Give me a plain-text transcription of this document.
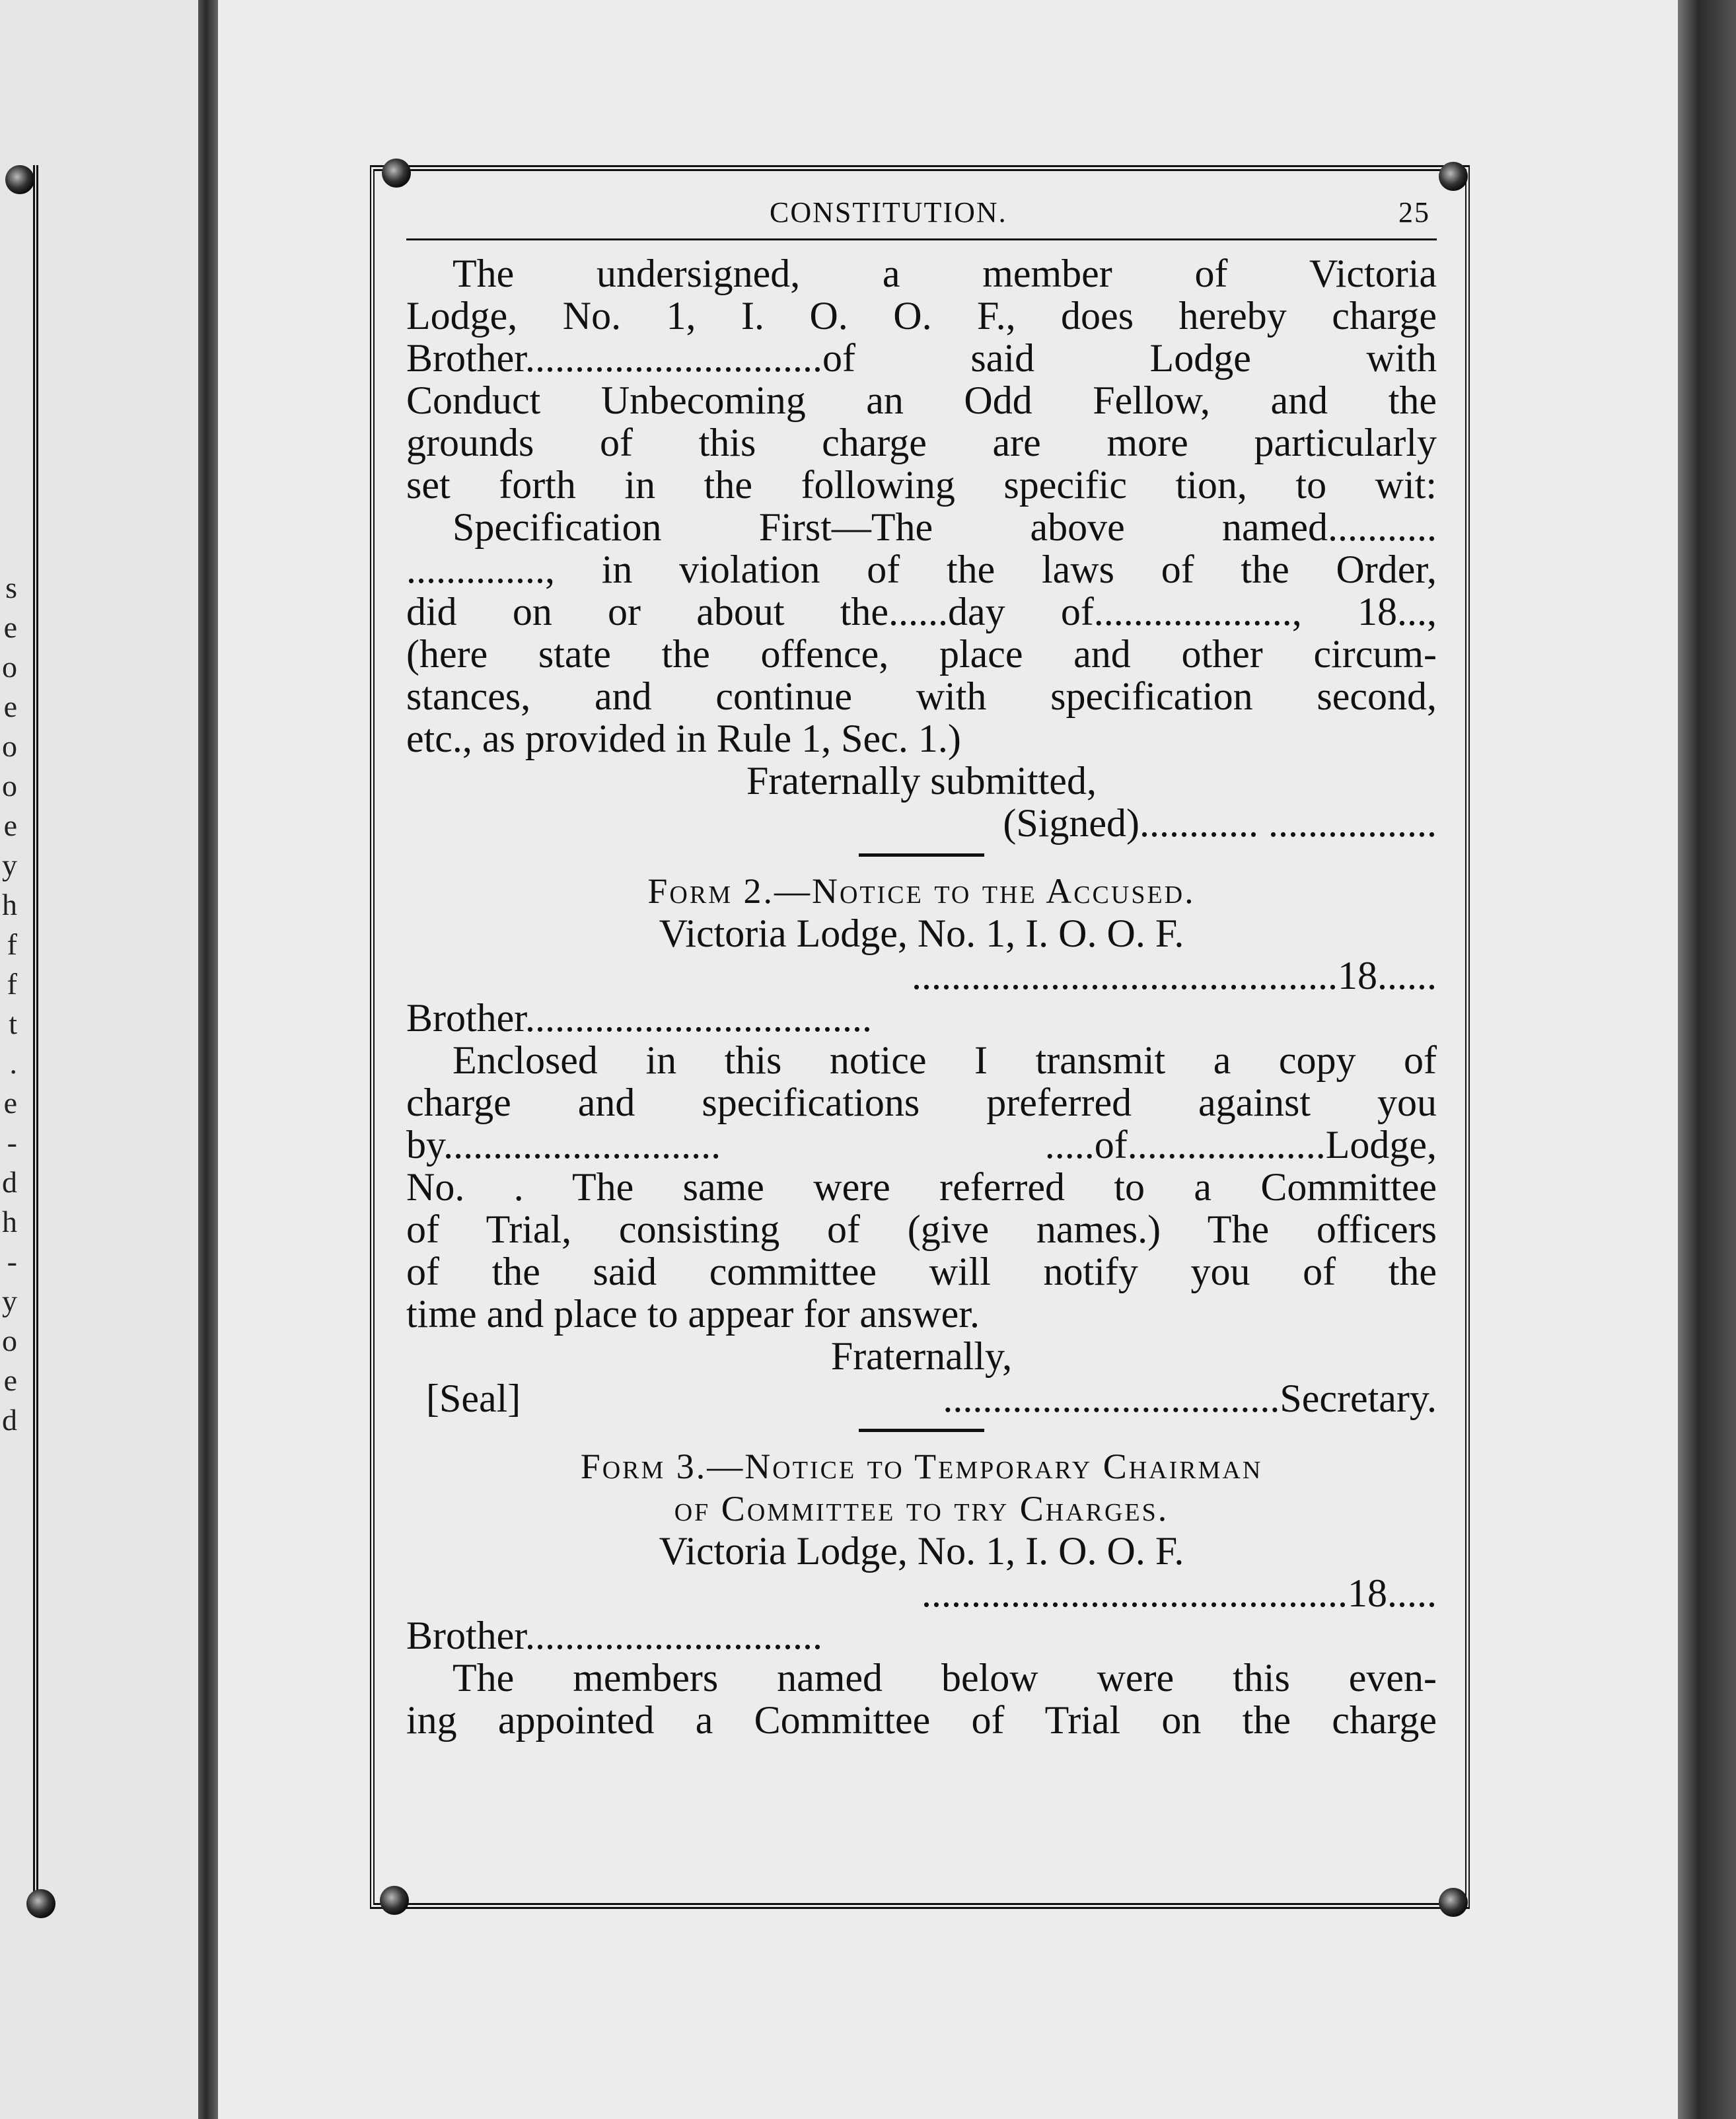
s
e
o
e
o
o
e
y
h
f
f
t
.
e
-
d
h
-
y
o
e
d
CONSTITUTION.	25

The undersigned, a member of Victoria

Lodge, No. 1, I. O. O. F., does hereby charge

Brother..............................of said Lodge with

Conduct Unbecoming an Odd Fellow, and the

grounds of this charge are more particularly

set forth in the following specific tion, to wit:

Specification First—The above named...........

.............., in violation of the laws of the Order,

did on or about the......day of...................., 18...,

(here state the offence, place and other circum-

stances, and continue with specification second,

etc., as provided in Rule 1, Sec. 1.)

Fraternally submitted,

(Signed)............ .................

Form 2.—Notice to the Accused.

Victoria Lodge, No. 1, I. O. O. F.

...........................................18......

Brother...................................

Enclosed in this notice I transmit a copy of

charge and specifications preferred against you

by............................ .....of....................Lodge,

No. . The same were referred to a Committee

of Trial, consisting of (give names.) The officers

of the said committee will notify you of the

time and place to appear for answer.

Fraternally,

[Seal]	..................................Secretary.

Form 3.—Notice to Temporary Chairman

of Committee to try Charges.

Victoria Lodge, No. 1, I. O. O. F.

...........................................18.....

Brother..............................

The members named below were this even-

ing appointed a Committee of Trial on the charge
